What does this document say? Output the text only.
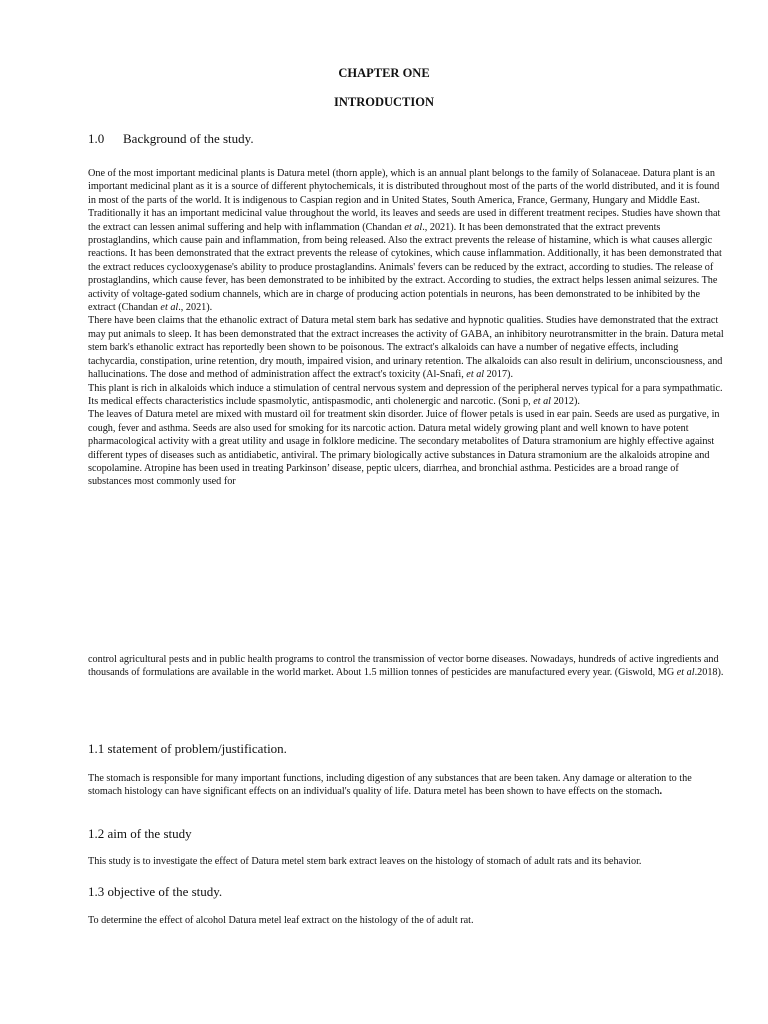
CHAPTER ONE
INTRODUCTION
1.0 Background of the study.

One of the most important medicinal plants is Datura metel (thorn apple), which is an annual plant belongs to the family of Solanaceae. Datura plant is an important medicinal plant as it is a source of different phytochemicals, it is distributed throughout most of the parts of the world distributed, and it is found in most of the parts of the world. It is indigenous to Caspian region and in United States, South America, France, Germany, Hungary and Middle East. Traditionally it has an important medicinal value throughout the world, its leaves and seeds are used in different treatment recipes. Studies have shown that the extract can lessen animal suffering and help with inflammation (Chandan et al., 2021). It has been demonstrated that the extract prevents prostaglandins, which cause pain and inflammation, from being released. Also the extract prevents the release of histamine, which is what causes allergic reactions. It has been demonstrated that the extract prevents the release of cytokines, which cause inflammation. Additionally, it has been demonstrated that the extract reduces cyclooxygenase's ability to produce prostaglandins. Animals' fevers can be reduced by the extract, according to studies. The release of prostaglandins, which cause fever, has been demonstrated to be inhibited by the extract. According to studies, the extract helps lessen animal seizures. The activity of voltage-gated sodium channels, which are in charge of producing action potentials in neurons, has been demonstrated to be inhibited by the extract (Chandan et al., 2021).

There have been claims that the ethanolic extract of Datura metal stem bark has sedative and hypnotic qualities. Studies have demonstrated that the extract may put animals to sleep. It has been demonstrated that the extract increases the activity of GABA, an inhibitory neurotransmitter in the brain. Datura metal stem bark's ethanolic extract has reportedly been shown to be poisonous. The extract's alkaloids can have a number of negative effects, including tachycardia, constipation, urine retention, dry mouth, impaired vision, and urinary retention. The alkaloids can also result in delirium, unconsciousness, and hallucinations. The dose and method of administration affect the extract's toxicity (Al-Snafi, et al 2017).

This plant is rich in alkaloids which induce a stimulation of central nervous system and depression of the peripheral nerves typical for a para sympathmatic. Its medical effects characteristics include spasmolytic, antispasmodic, anti cholenergic and narcotic. (Soni p, et al 2012).

The leaves of Datura metel are mixed with mustard oil for treatment skin disorder. Juice of flower petals is used in ear pain. Seeds are used as purgative, in cough, fever and asthma. Seeds are also used for smoking for its narcotic action. Datura metal widely growing plant and well known to have potent pharmacological activity with a great utility and usage in folklore medicine. The secondary metabolites of Datura stramonium are highly effective against different types of diseases such as antidiabetic, antiviral. The primary biologically active substances in Datura stramonium are the alkaloids atropine and scopolamine. Atropine has been used in treating Parkinson’ disease, peptic ulcers, diarrhea, and bronchial asthma. Pesticides are a broad range of substances most commonly used for

control agricultural pests and in public health programs to control the transmission of vector borne diseases. Nowadays, hundreds of active ingredients and thousands of formulations are available in the world market. About 1.5 million tonnes of pesticides are manufactured every year. (Giswold, MG et al.2018).

1.1 statement of problem/justification.

The stomach is responsible for many important functions, including digestion of any substances that are been taken. Any damage or alteration to the stomach histology can have significant effects on an individual's quality of life. Datura metel has been shown to have effects on the stomach.

1.2 aim of the study
This study is to investigate the effect of Datura metel stem bark extract leaves on the histology of stomach of adult rats and its behavior.
1.3 objective of the study.
To determine the effect of alcohol Datura metel leaf extract on the histology of the of adult rat.
